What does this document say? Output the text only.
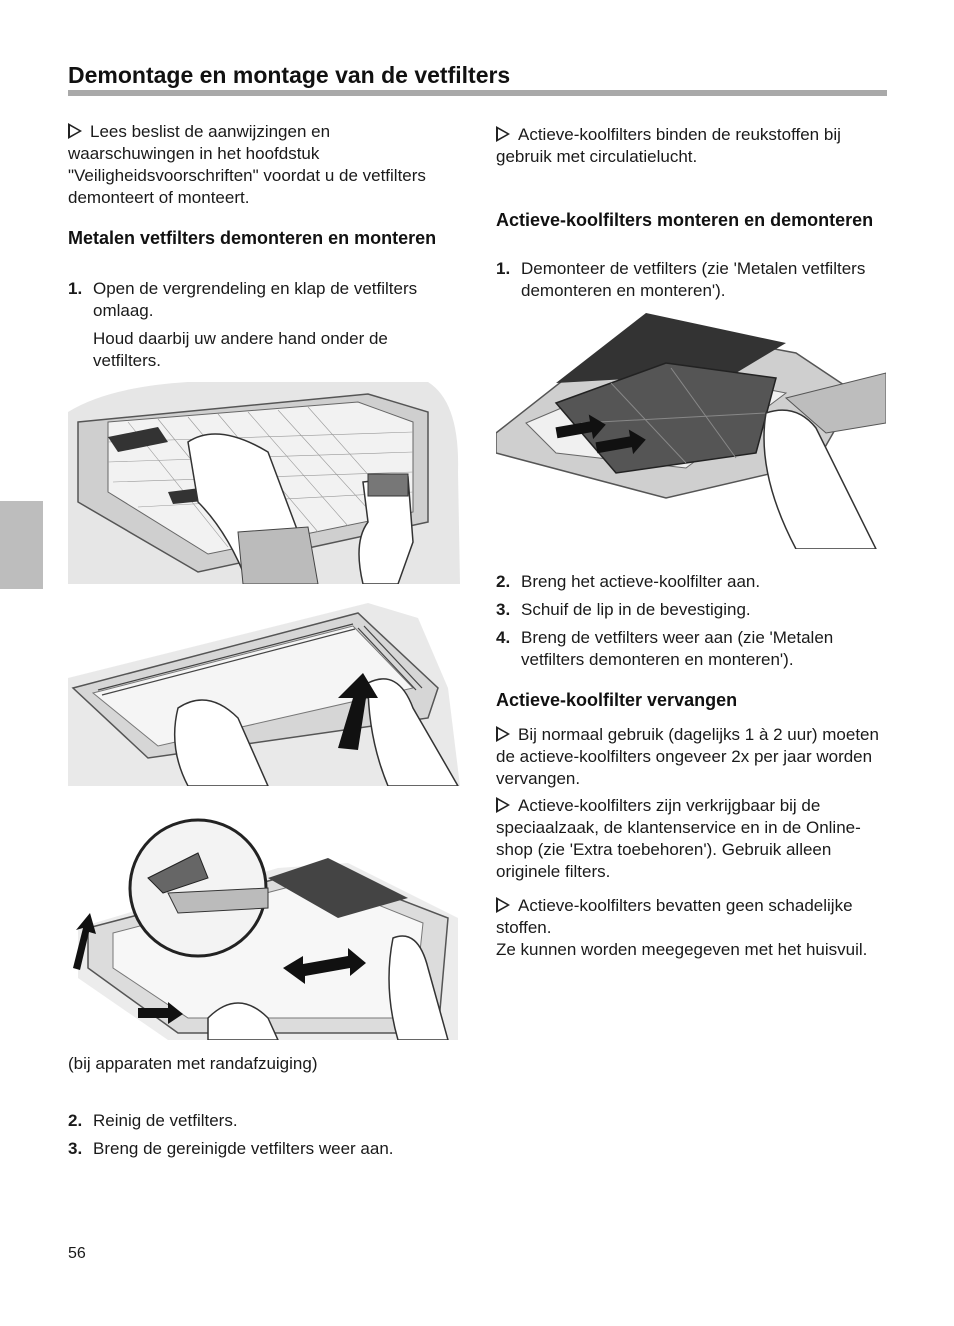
Demontage en montage van de vetfilters

Lees beslist de aanwijzingen en waarschuwingen in het hoofdstuk "Veiligheidsvoorschriften" voordat u de vetfilters demonteert of monteert.

Metalen vetfilters demonteren en monteren
1. Open de vergrendeling en klap de vetfilters omlaag.
Houd daarbij uw andere hand onder de vetfilters.
(bij apparaten met randafzuiging)
2. Reinig de vetfilters.
3. Breng de gereinigde vetfilters weer aan.

Actieve-koolfilters binden de reukstoffen bij gebruik met circulatielucht.

Actieve-koolfilters monteren en demonteren
1. Demonteer de vetfilters (zie 'Metalen vetfilters demonteren en monteren').
2. Breng het actieve-koolfilter aan.
3. Schuif de lip in de bevestiging.
4. Breng de vetfilters weer aan (zie 'Metalen vetfilters demonteren en monteren').
Actieve-koolfilter vervangen

Bij normaal gebruik (dagelijks 1 à 2 uur) moeten de actieve-koolfilters ongeveer 2x per jaar worden vervangen.

Actieve-koolfilters zijn verkrijgbaar bij de speciaalzaak, de klantenservice en in de Online-shop (zie 'Extra toebehoren'). Gebruik alleen originele filters.

Actieve-koolfilters bevatten geen schadelijke stoffen.

Ze kunnen worden meegegeven met het huisvuil.

56
